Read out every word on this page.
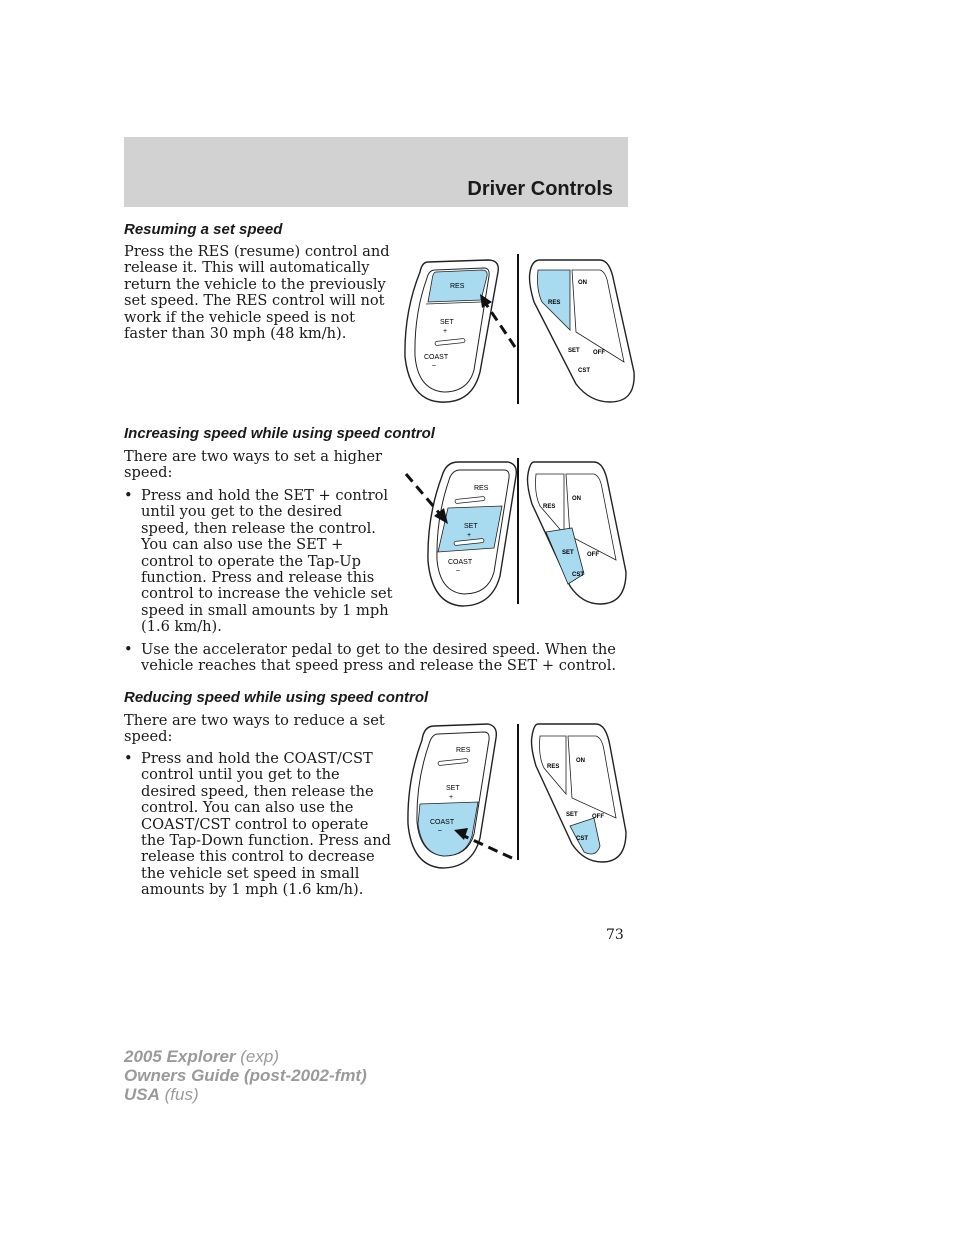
Driver Controls
Resuming a set speed

Press the RES (resume) control and
release it. This will automatically
return the vehicle to the previously
set speed. The RES control will not
work if the vehicle speed is not
faster than 30 mph (48 km/h).

RES
SET
+
COAST
–
RES
ON
SET OFF
CST
Increasing speed while using speed control

There are two ways to set a higher
speed:

• Press and hold the SET + control
until you get to the desired
speed, then release the control.
You can also use the SET +
control to operate the Tap-Up
function. Press and release this
control to increase the vehicle set
speed in small amounts by 1 mph
(1.6 km/h).

• Use the accelerator pedal to get to the desired speed. When the
vehicle reaches that speed press and release the SET + control.

RES
SET
+
COAST
–
RES
ON
SET OFF
CST
Reducing speed while using speed control

There are two ways to reduce a set
speed:

• Press and hold the COAST/CST
control until you get to the
desired speed, then release the
control. You can also use the
COAST/CST control to operate
the Tap-Down function. Press and
release this control to decrease
the vehicle set speed in small
amounts by 1 mph (1.6 km/h).

RES
SET
+
COAST
–
RES
ON
SET OFF
CST
73
2005 Explorer (exp)
Owners Guide (post-2002-fmt)
USA (fus)
